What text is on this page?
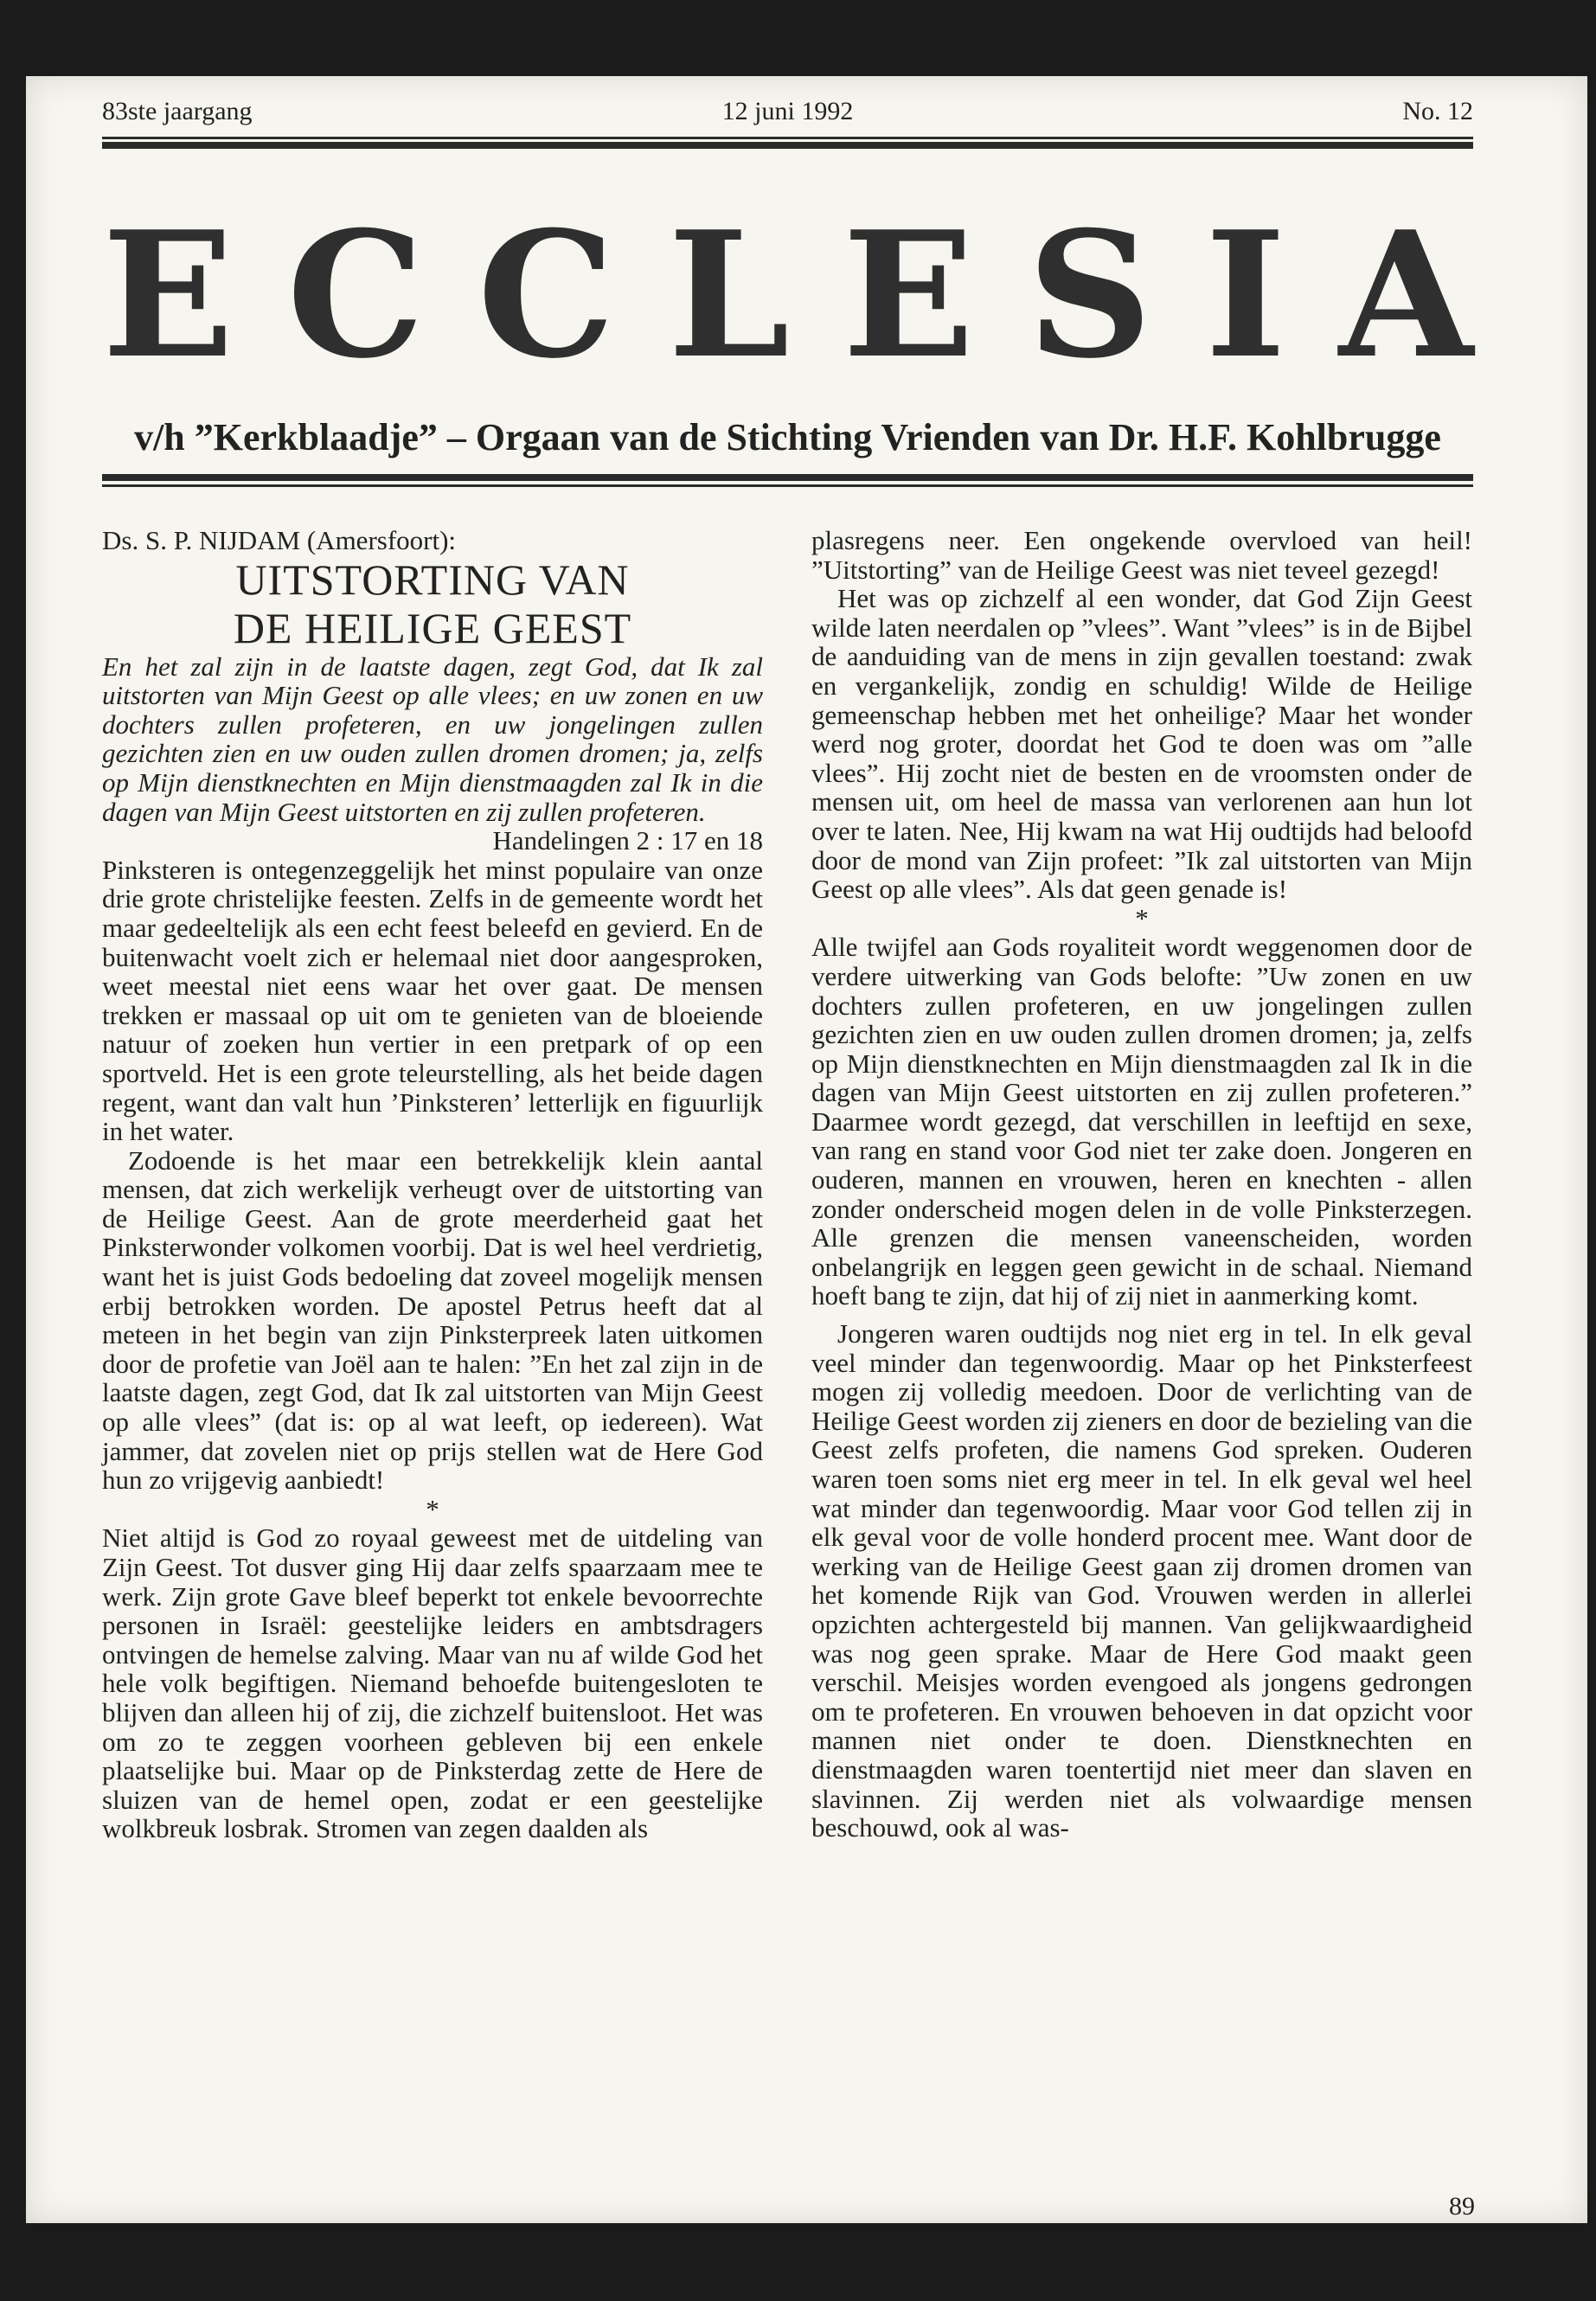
83ste jaargang	12 juni 1992	No. 12
E C C L E S I A
v/h ”Kerkblaadje” – Orgaan van de Stichting Vrienden van Dr. H.F. Kohlbrugge

Ds. S. P. NIJDAM (Amersfoort):

UITSTORTING VAN

DE HEILIGE GEEST

En het zal zijn in de laatste dagen, zegt God, dat Ik zal uitstorten van Mijn Geest op alle vlees; en uw zonen en uw dochters zullen profeteren, en uw jongelingen zullen gezichten zien en uw ouden zullen dromen dromen; ja, zelfs op Mijn dienstknechten en Mijn dienstmaagden zal Ik in die dagen van Mijn Geest uitstorten en zij zullen profeteren.

Handelingen 2 : 17 en 18

Pinksteren is ontegenzeggelijk het minst populaire van onze drie grote christelijke feesten. Zelfs in de gemeente wordt het maar gedeeltelijk als een echt feest beleefd en gevierd. En de buitenwacht voelt zich er helemaal niet door aangesproken, weet meestal niet eens waar het over gaat. De mensen trekken er massaal op uit om te genieten van de bloeiende natuur of zoeken hun vertier in een pretpark of op een sportveld. Het is een grote teleurstelling, als het beide dagen regent, want dan valt hun ’Pinksteren’ letterlijk en figuurlijk in het water.

Zodoende is het maar een betrekkelijk klein aantal mensen, dat zich werkelijk verheugt over de uitstorting van de Heilige Geest. Aan de grote meerderheid gaat het Pinksterwonder volkomen voorbij. Dat is wel heel verdrietig, want het is juist Gods bedoeling dat zoveel mogelijk mensen erbij betrokken worden. De apostel Petrus heeft dat al meteen in het begin van zijn Pinksterpreek laten uitkomen door de profetie van Joël aan te halen: ”En het zal zijn in de laatste dagen, zegt God, dat Ik zal uitstorten van Mijn Geest op alle vlees” (dat is: op al wat leeft, op iedereen). Wat jammer, dat zovelen niet op prijs stellen wat de Here God hun zo vrijgevig aanbiedt!

*

Niet altijd is God zo royaal geweest met de uitdeling van Zijn Geest. Tot dusver ging Hij daar zelfs spaarzaam mee te werk. Zijn grote Gave bleef beperkt tot enkele bevoorrechte personen in Israël: geestelijke leiders en ambtsdragers ontvingen de hemelse zalving. Maar van nu af wilde God het hele volk begiftigen. Niemand behoefde buitengesloten te blijven dan alleen hij of zij, die zichzelf buitensloot. Het was om zo te zeggen voorheen gebleven bij een enkele plaatselijke bui. Maar op de Pinksterdag zette de Here de sluizen van de hemel open, zodat er een geestelijke wolkbreuk losbrak. Stromen van zegen daalden als

plasregens neer. Een ongekende overvloed van heil! ”Uitstorting” van de Heilige Geest was niet teveel gezegd!

Het was op zichzelf al een wonder, dat God Zijn Geest wilde laten neerdalen op ”vlees”. Want ”vlees” is in de Bijbel de aanduiding van de mens in zijn gevallen toestand: zwak en vergankelijk, zondig en schuldig! Wilde de Heilige gemeenschap hebben met het onheilige? Maar het wonder werd nog groter, doordat het God te doen was om ”alle vlees”. Hij zocht niet de besten en de vroomsten onder de mensen uit, om heel de massa van verlorenen aan hun lot over te laten. Nee, Hij kwam na wat Hij oudtijds had beloofd door de mond van Zijn profeet: ”Ik zal uitstorten van Mijn Geest op alle vlees”. Als dat geen genade is!

*

Alle twijfel aan Gods royaliteit wordt weggenomen door de verdere uitwerking van Gods belofte: ”Uw zonen en uw dochters zullen profeteren, en uw jongelingen zullen gezichten zien en uw ouden zullen dromen dromen; ja, zelfs op Mijn dienstknechten en Mijn dienstmaagden zal Ik in die dagen van Mijn Geest uitstorten en zij zullen profeteren.” Daarmee wordt gezegd, dat verschillen in leeftijd en sexe, van rang en stand voor God niet ter zake doen. Jongeren en ouderen, mannen en vrouwen, heren en knechten - allen zonder onderscheid mogen delen in de volle Pinksterzegen. Alle grenzen die mensen vaneenscheiden, worden onbelangrijk en leggen geen gewicht in de schaal. Niemand hoeft bang te zijn, dat hij of zij niet in aanmerking komt.

Jongeren waren oudtijds nog niet erg in tel. In elk geval veel minder dan tegenwoordig. Maar op het Pinksterfeest mogen zij volledig meedoen. Door de verlichting van de Heilige Geest worden zij zieners en door de bezieling van die Geest zelfs profeten, die namens God spreken. Ouderen waren toen soms niet erg meer in tel. In elk geval wel heel wat minder dan tegenwoordig. Maar voor God tellen zij in elk geval voor de volle honderd procent mee. Want door de werking van de Heilige Geest gaan zij dromen dromen van het komende Rijk van God. Vrouwen werden in allerlei opzichten achtergesteld bij mannen. Van gelijkwaardigheid was nog geen sprake. Maar de Here God maakt geen verschil. Meisjes worden evengoed als jongens gedrongen om te profeteren. En vrouwen behoeven in dat opzicht voor mannen niet onder te doen. Dienstknechten en dienstmaagden waren toentertijd niet meer dan slaven en slavinnen. Zij werden niet als volwaardige mensen beschouwd, ook al was-

89
